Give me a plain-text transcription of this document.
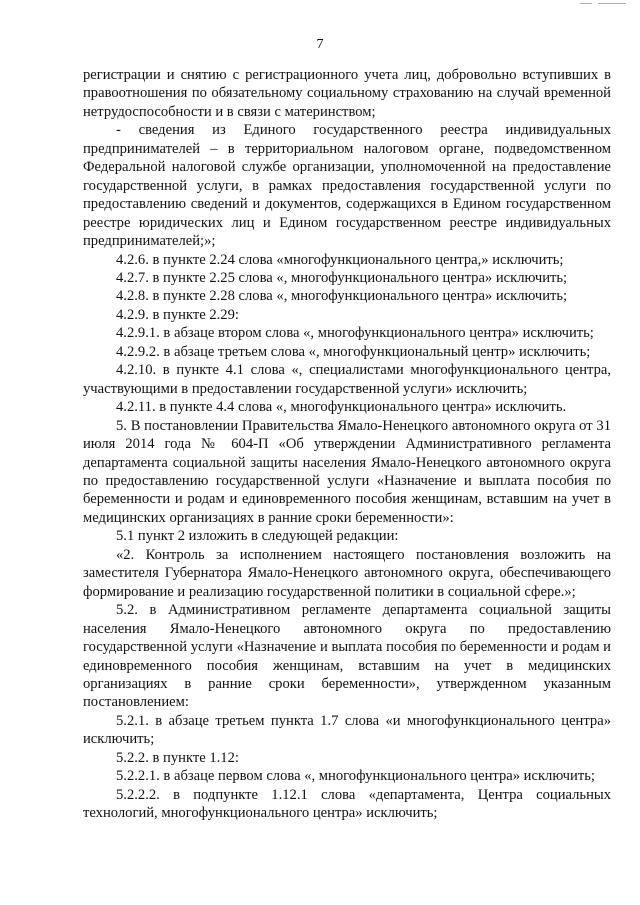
7

регистрации и снятию с регистрационного учета лиц, добровольно вступивших в правоотношения по обязательному социальному страхованию на случай временной нетрудоспособности и в связи с материнством;

- сведения из Единого государственного реестра индивидуальных предпринимателей – в территориальном налоговом органе, подведомственном Федеральной налоговой службе организации, уполномоченной на предоставление государственной услуги, в рамках предоставления государственной услуги по предоставлению сведений и документов, содержащихся в Едином государственном реестре юридических лиц и Едином государственном реестре индивидуальных предпринимателей;»;

4.2.6. в пункте 2.24 слова «многофункционального центра,» исключить;

4.2.7. в пункте 2.25 слова «, многофункционального центра» исключить;

4.2.8. в пункте 2.28 слова «, многофункционального центра» исключить;

4.2.9. в пункте 2.29:

4.2.9.1. в абзаце втором слова «, многофункционального центра» исключить;

4.2.9.2. в абзаце третьем слова «, многофункциональный центр» исключить;

4.2.10. в пункте 4.1 слова «, специалистами многофункционального центра, участвующими в предоставлении государственной услуги» исключить;

4.2.11. в пункте 4.4 слова «, многофункционального центра» исключить.

5. В постановлении Правительства Ямало-Ненецкого автономного округа от 31 июля 2014 года № 604-П «Об утверждении Административного регламента департамента социальной защиты населения Ямало-Ненецкого автономного округа по предоставлению государственной услуги «Назначение и выплата пособия по беременности и родам и единовременного пособия женщинам, вставшим на учет в медицинских организациях в ранние сроки беременности»:

5.1 пункт 2 изложить в следующей редакции:

«2. Контроль за исполнением настоящего постановления возложить на заместителя Губернатора Ямало-Ненецкого автономного округа, обеспечивающего формирование и реализацию государственной политики в социальной сфере.»;

5.2. в Административном регламенте департамента социальной защиты населения Ямало-Ненецкого автономного округа по предоставлению государственной услуги «Назначение и выплата пособия по беременности и родам и единовременного пособия женщинам, вставшим на учет в медицинских организациях в ранние сроки беременности», утвержденном указанным постановлением:

5.2.1. в абзаце третьем пункта 1.7 слова «и многофункционального центра» исключить;

5.2.2. в пункте 1.12:

5.2.2.1. в абзаце первом слова «, многофункционального центра» исключить;

5.2.2.2. в подпункте 1.12.1 слова «департамента, Центра социальных технологий, многофункционального центра» исключить;
